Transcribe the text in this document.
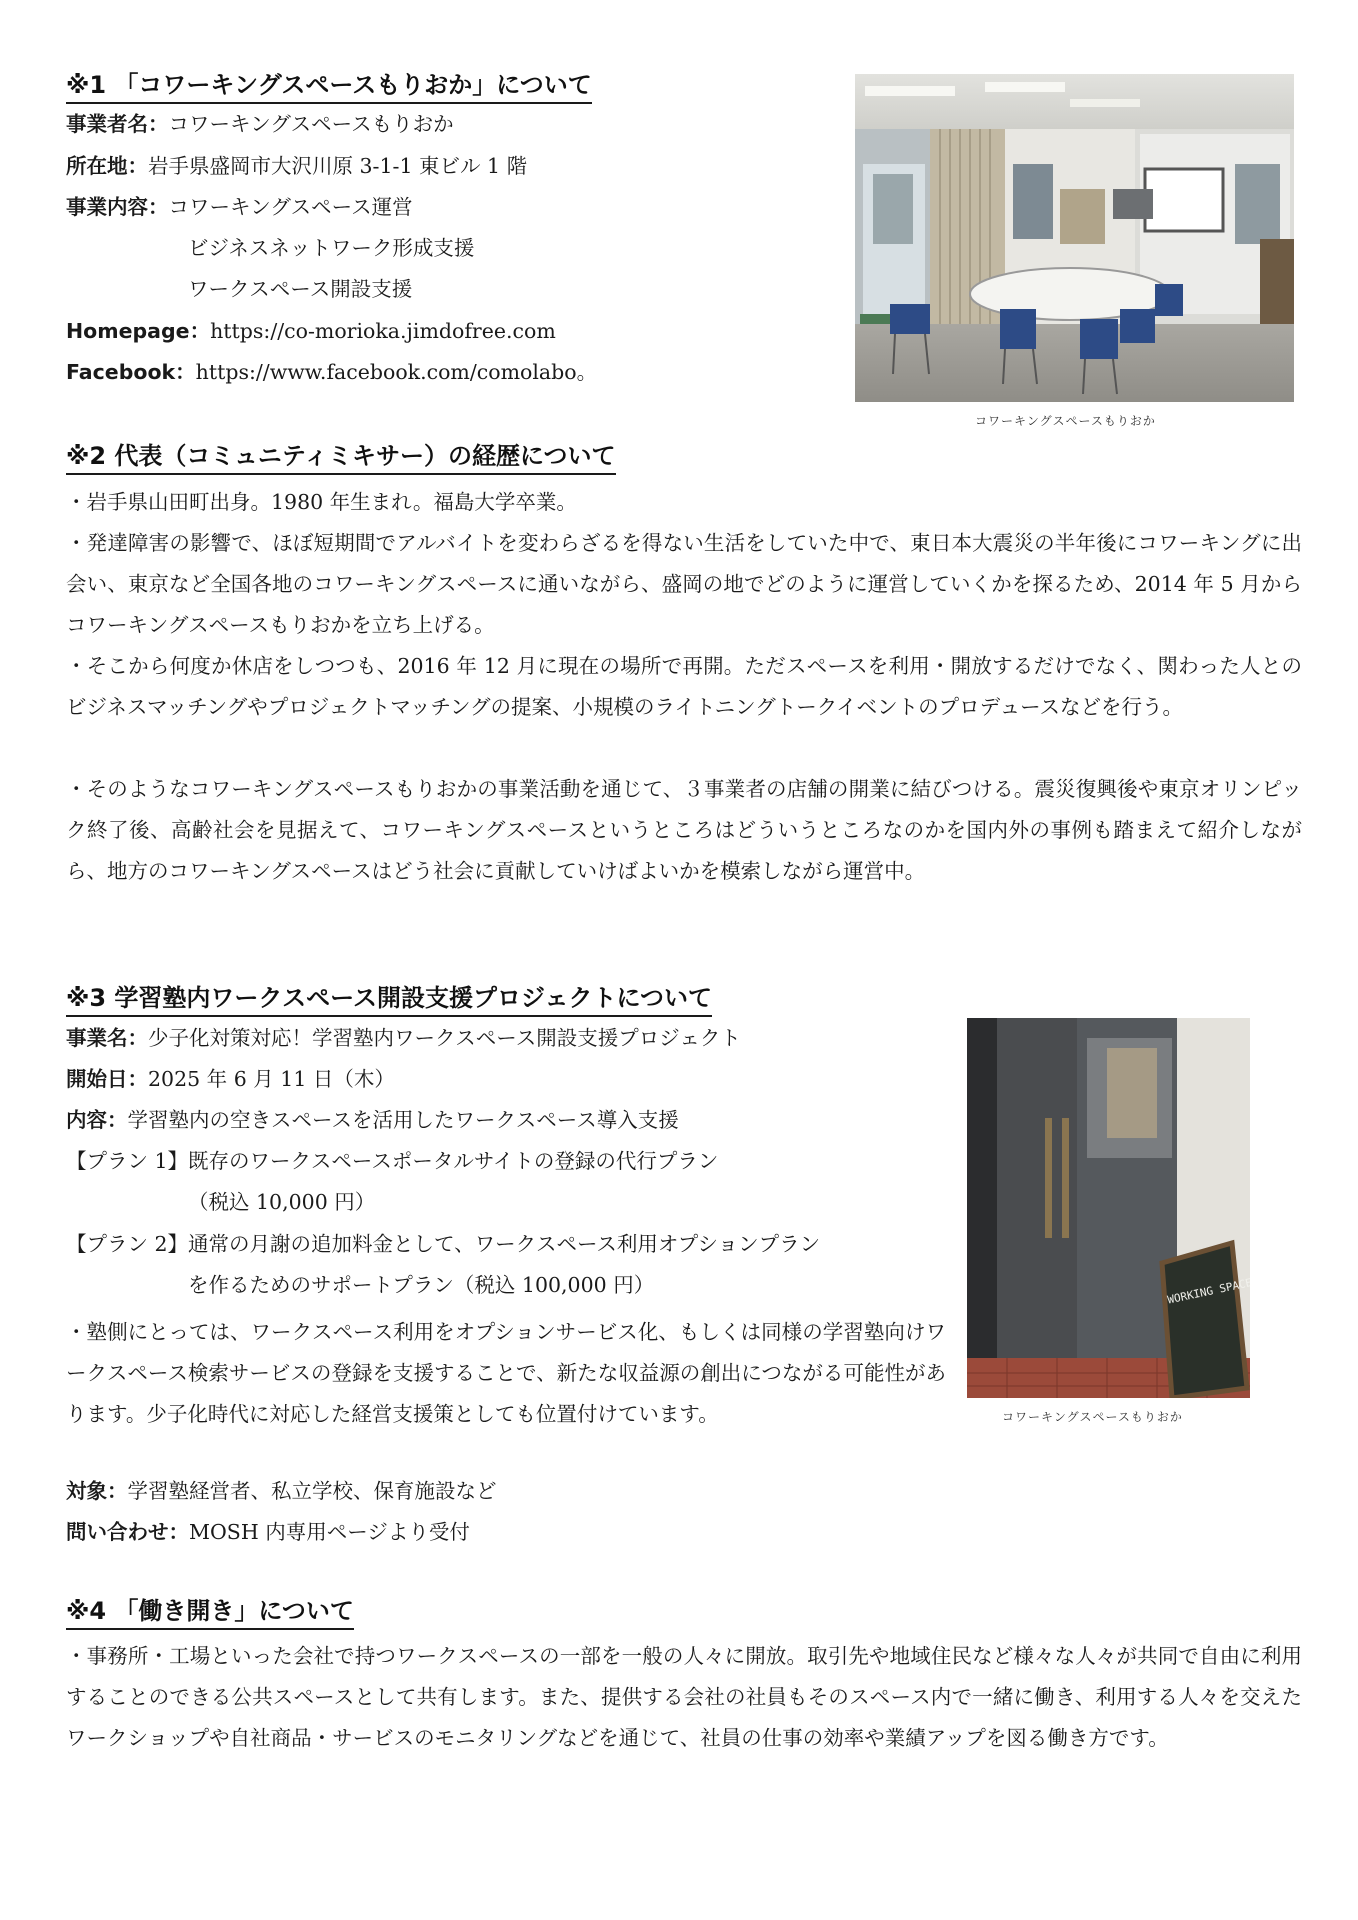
※1 「コワーキングスペースもりおか」について
事業者名：コワーキングスペースもりおか
所在地：岩手県盛岡市大沢川原 3-1-1 東ビル 1 階
事業内容：コワーキングスペース運営
ビジネスネットワーク形成支援
ワークスペース開設支援
Homepage：https://co-morioka.jimdofree.com
Facebook：https://www.facebook.com/comolabo。
コワーキングスペースもりおか
※2 代表（コミュニティミキサー）の経歴について
・岩手県山田町出身。1980 年生まれ。福島大学卒業。
・発達障害の影響で、ほぼ短期間でアルバイトを変わらざるを得ない生活をしていた中で、東日本大震災の半年後にコワーキングに出会い、東京など全国各地のコワーキングスペースに通いながら、盛岡の地でどのように運営していくかを探るため、2014 年 5 月からコワーキングスペースもりおかを立ち上げる。
・そこから何度か休店をしつつも、2016 年 12 月に現在の場所で再開。ただスペースを利用・開放するだけでなく、関わった人とのビジネスマッチングやプロジェクトマッチングの提案、小規模のライトニングトークイベントのプロデュースなどを行う。
・そのようなコワーキングスペースもりおかの事業活動を通じて、３事業者の店舗の開業に結びつける。震災復興後や東京オリンピック終了後、高齢社会を見据えて、コワーキングスペースというところはどういうところなのかを国内外の事例も踏まえて紹介しながら、地方のコワーキングスペースはどう社会に貢献していけばよいかを模索しながら運営中。
※3 学習塾内ワークスペース開設支援プロジェクトについて
事業名：少子化対策対応！学習塾内ワークスペース開設支援プロジェクト
開始日：2025 年 6 月 11 日（木）
内容：学習塾内の空きスペースを活用したワークスペース導入支援
【プラン 1】既存のワークスペースポータルサイトの登録の代行プラン
（税込 10,000 円）
【プラン 2】通常の月謝の追加料金として、ワークスペース利用オプションプラン
を作るためのサポートプラン（税込 100,000 円）
・塾側にとっては、ワークスペース利用をオプションサービス化、もしくは同様の学習塾向けワークスペース検索サービスの登録を支援することで、新たな収益源の創出につながる可能性があります。少子化時代に対応した経営支援策としても位置付けています。
対象：学習塾経営者、私立学校、保育施設など
問い合わせ：MOSH 内専用ページより受付
WORKING SPACE
コワーキングスペースもりおか
※4 「働き開き」について
・事務所・工場といった会社で持つワークスペースの一部を一般の人々に開放。取引先や地域住民など様々な人々が共同で自由に利用することのできる公共スペースとして共有します。また、提供する会社の社員もそのスペース内で一緒に働き、利用する人々を交えたワークショップや自社商品・サービスのモニタリングなどを通じて、社員の仕事の効率や業績アップを図る働き方です。
